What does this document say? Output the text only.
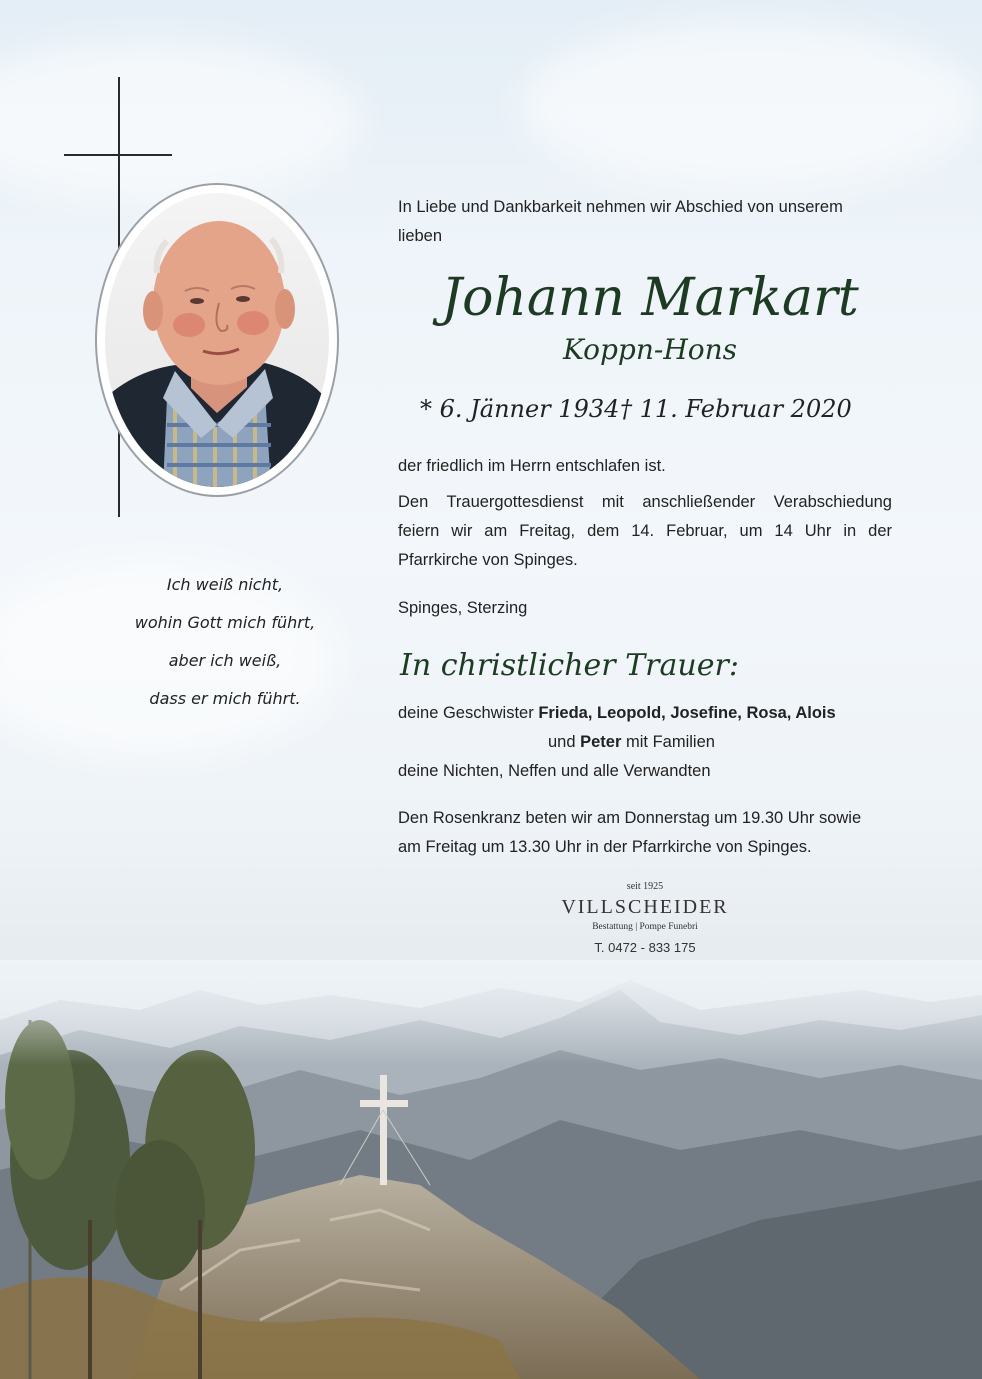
Ich weiß nicht,
wohin Gott mich führt,
aber ich weiß,
dass er mich führt.
In Liebe und Dankbarkeit nehmen wir Abschied von unserem
lieben
Johann Markart
Koppn-Hons
* 6. Jänner 1934 † 11. Februar 2020
der friedlich im Herrn entschlafen ist.
Den Trauergottesdienst mit anschließender Verabschiedung
feiern wir am Freitag, dem 14. Februar, um 14 Uhr in der
Pfarrkirche von Spinges.
Spinges, Sterzing
In christlicher Trauer:
deine Geschwister Frieda, Leopold, Josefine, Rosa, Alois
und Peter mit Familien
deine Nichten, Neffen und alle Verwandten
Den Rosenkranz beten wir am Donnerstag um 19.30 Uhr sowie
am Freitag um 13.30 Uhr in der Pfarrkirche von Spinges.
seit 1925
VILLSCHEIDER
Bestattung | Pompe Funebri
T. 0472 - 833 175
